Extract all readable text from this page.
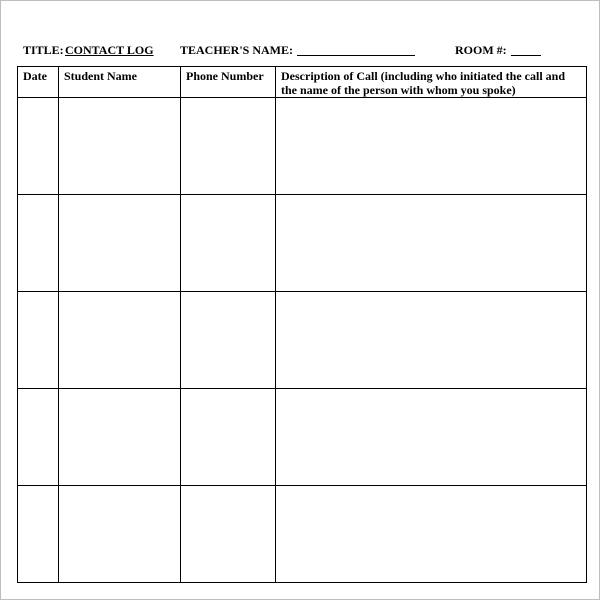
TITLE: CONTACT LOG TEACHER'S NAME:	ROOM #:
Date	Student Name	Phone Number	Description of Call (including who initiated the call and the name of the person with whom you spoke)
